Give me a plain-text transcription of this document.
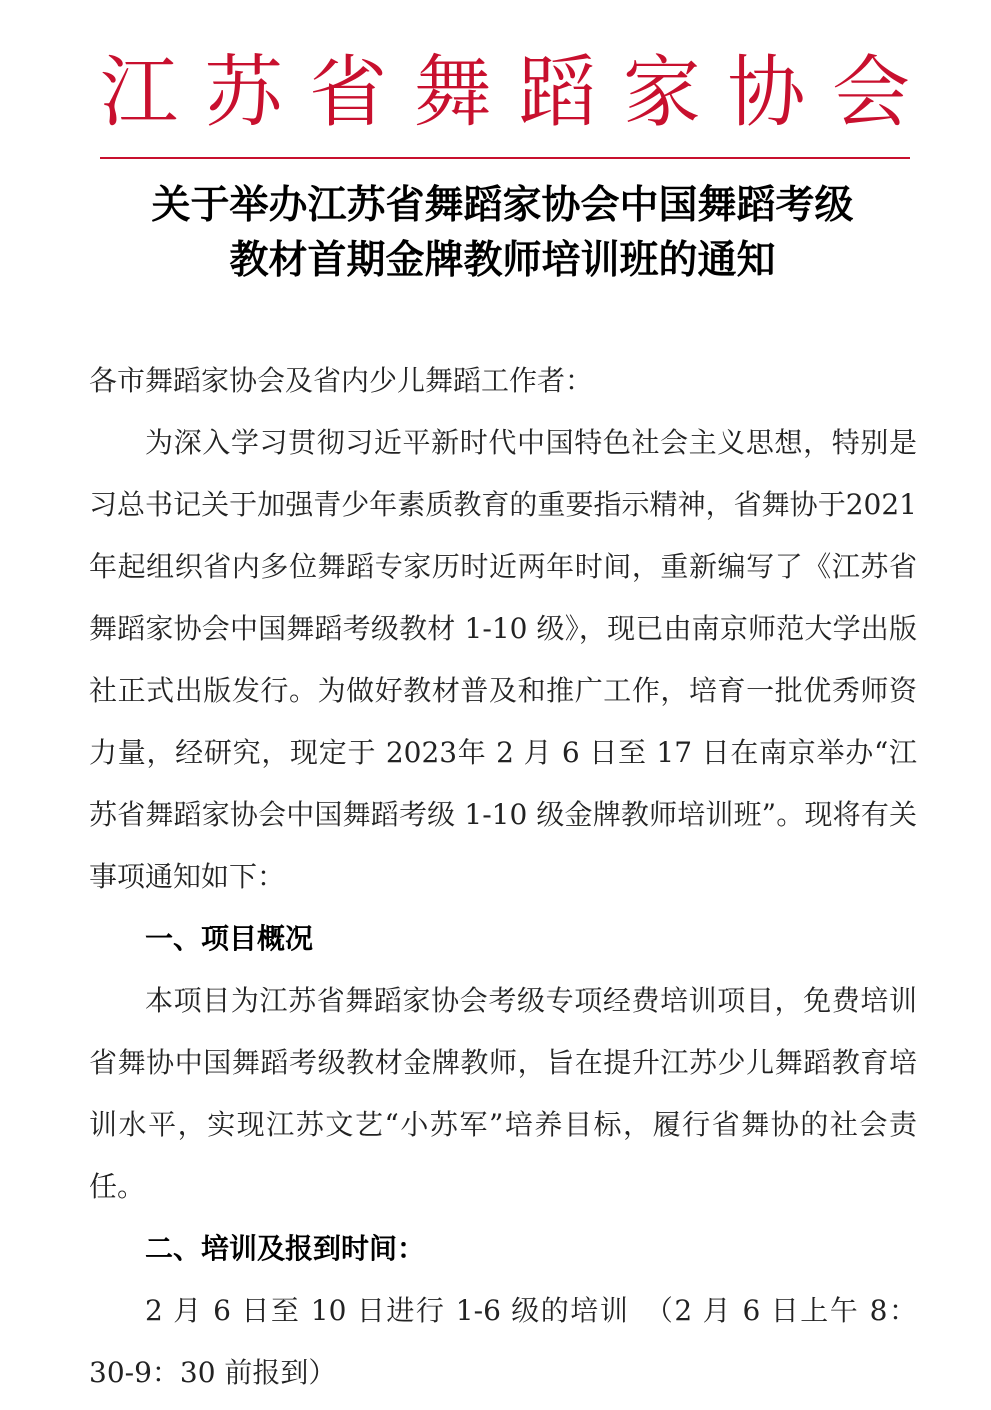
江 苏 省 舞 蹈 家 协 会
关于举办江苏省舞蹈家协会中国舞蹈考级
教材首期金牌教师培训班的通知

各市舞蹈家协会及省内少儿舞蹈工作者：

为深入学习贯彻习近平新时代中国特色社会主义思想，特别是习总书记关于加强青少年素质教育的重要指示精神，省舞协于2021年起组织省内多位舞蹈专家历时近两年时间，重新编写了《江苏省舞蹈家协会中国舞蹈考级教材 1-10 级》，现已由南京师范大学出版社正式出版发行。为做好教材普及和推广工作，培育一批优秀师资力量，经研究，现定于 2023年 2 月 6 日至 17 日在南京举办“江苏省舞蹈家协会中国舞蹈考级 1-10 级金牌教师培训班”。现将有关事项通知如下：

一、项目概况

本项目为江苏省舞蹈家协会考级专项经费培训项目，免费培训省舞协中国舞蹈考级教材金牌教师，旨在提升江苏少儿舞蹈教育培训水平，实现江苏文艺“小苏军”培养目标，履行省舞协的社会责任。

二、培训及报到时间：

2 月 6 日至 10 日进行 1-6 级的培训　（2 月 6 日上午 8：30-9：30 前报到）
